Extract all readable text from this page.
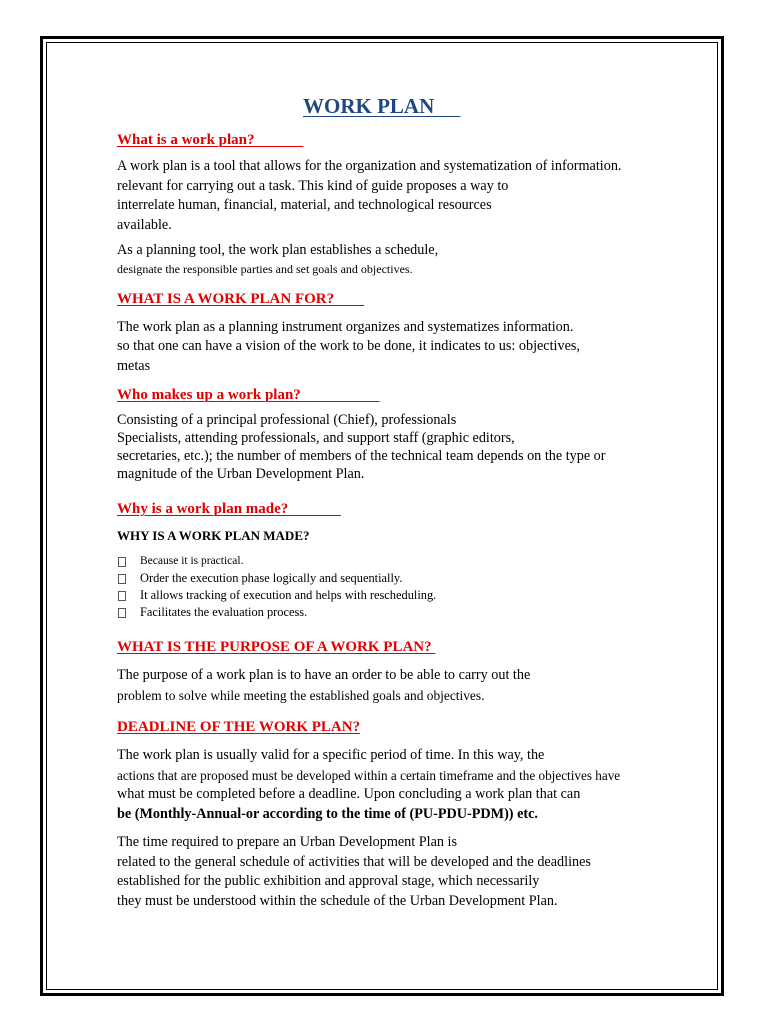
WORK PLAN
What is a work plan?
A work plan is a tool that allows for the organization and systematization of information.
relevant for carrying out a task. This kind of guide proposes a way to
interrelate human, financial, material, and technological resources
available.
As a planning tool, the work plan establishes a schedule,
designate the responsible parties and set goals and objectives.
WHAT IS A WORK PLAN FOR?
The work plan as a planning instrument organizes and systematizes information.
so that one can have a vision of the work to be done, it indicates to us: objectives,
metas
Who makes up a work plan?
Consisting of a principal professional (Chief), professionals
Specialists, attending professionals, and support staff (graphic editors,
secretaries, etc.); the number of members of the technical team depends on the type or
magnitude of the Urban Development Plan.
Why is a work plan made?
WHY IS A WORK PLAN MADE?
Because it is practical.
Order the execution phase logically and sequentially.
It allows tracking of execution and helps with rescheduling.
Facilitates the evaluation process.
WHAT IS THE PURPOSE OF A WORK PLAN?
The purpose of a work plan is to have an order to be able to carry out the
problem to solve while meeting the established goals and objectives.
DEADLINE OF THE WORK PLAN?
The work plan is usually valid for a specific period of time. In this way, the
actions that are proposed must be developed within a certain timeframe and the objectives have
what must be completed before a deadline. Upon concluding a work plan that can
be (Monthly-Annual-or according to the time of (PU-PDU-PDM)) etc.
The time required to prepare an Urban Development Plan is
related to the general schedule of activities that will be developed and the deadlines
established for the public exhibition and approval stage, which necessarily
they must be understood within the schedule of the Urban Development Plan.
